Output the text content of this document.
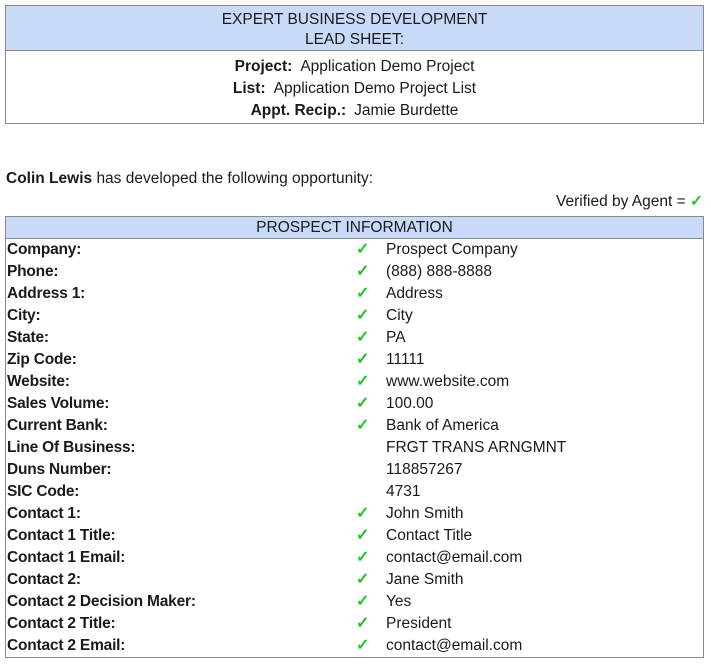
EXPERT BUSINESS DEVELOPMENT
LEAD SHEET:
Project: Application Demo Project
List: Application Demo Project List
Appt. Recip.: Jamie Burdette
Colin Lewis has developed the following opportunity:
Verified by Agent = ✓
PROSPECT INFORMATION
Company:	✓ Prospect Company
Phone:	✓ (888) 888-8888
Address 1:	✓ Address
City:	✓ City
State:	✓ PA
Zip Code:	✓ 11111
Website:	✓ www.website.com
Sales Volume:	✓ 100.00
Current Bank:	✓ Bank of America
Line Of Business:	FRGT TRANS ARNGMNT
Duns Number:	118857267
SIC Code:	4731
Contact 1:	✓ John Smith
Contact 1 Title:	✓ Contact Title
Contact 1 Email:	✓ contact@email.com
Contact 2:	✓ Jane Smith
Contact 2 Decision Maker:	✓ Yes
Contact 2 Title:	✓ President
Contact 2 Email:	✓ contact@email.com
